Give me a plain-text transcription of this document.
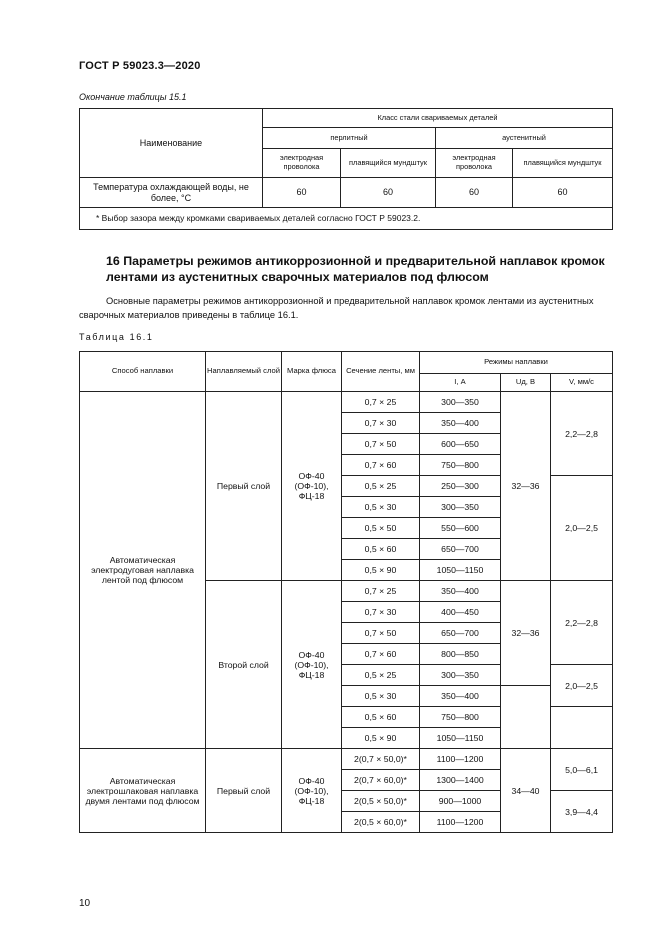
ГОСТ Р 59023.3—2020
Окончание таблицы 15.1
Наименование	Класс стали свариваемых деталей			
	перлитный		аустенитный	
	электродная проволока	плавящийся мундштук	электродная проволока	плавящийся мундштук
Температура охлаждающей воды, не более, °С	60	60	60	60
* Выбор зазора между кромками свариваемых деталей согласно ГОСТ Р 59023.2.				
16 Параметры режимов антикоррозионной и предварительной наплавок кромок лентами из аустенитных сварочных материалов под флюсом
Основные параметры режимов антикоррозионной и предварительной наплавок кромок лентами из аустенитных сварочных материалов приведены в таблице 16.1.
Таблица 16.1
Способ наплавки	Наплавляемый слой	Марка флюса	Сечение ленты, мм	Режимы наплавки		
				I, А	Uд, В	V, мм/с
Автоматическая электродуговая наплавка лентой под флюсом	Первый слой	ОФ-40 (ОФ-10), ФЦ-18	0,7 × 25	300—350	32—36	2,2—2,8
			0,7 × 30	350—400		
			0,7 × 50	600—650		
			0,7 × 60	750—800		
			0,5 × 25	250—300		2,0—2,5
			0,5 × 30	300—350		
			0,5 × 50	550—600		
			0,5 × 60	650—700		
			0,5 × 90	1050—1150		
	Второй слой	ОФ-40 (ОФ-10), ФЦ-18	0,7 × 25	350—400	32—36	2,2—2,8
			0,7 × 30	400—450		
			0,7 × 50	650—700		
			0,7 × 60	800—850		
			0,5 × 25	300—350		2,0—2,5
			0,5 × 30	350—400		
			0,5 × 60	750—800		
			0,5 × 90	1050—1150		
Автоматическая электрошлаковая наплавка двумя лентами под флюсом	Первый слой	ОФ-40 (ОФ-10), ФЦ-18	2(0,7 × 50,0)*	1100—1200	34—40	5,0—6,1
			2(0,7 × 60,0)*	1300—1400		
			2(0,5 × 50,0)*	900—1000		3,9—4,4
			2(0,5 × 60,0)*	1100—1200		
10
